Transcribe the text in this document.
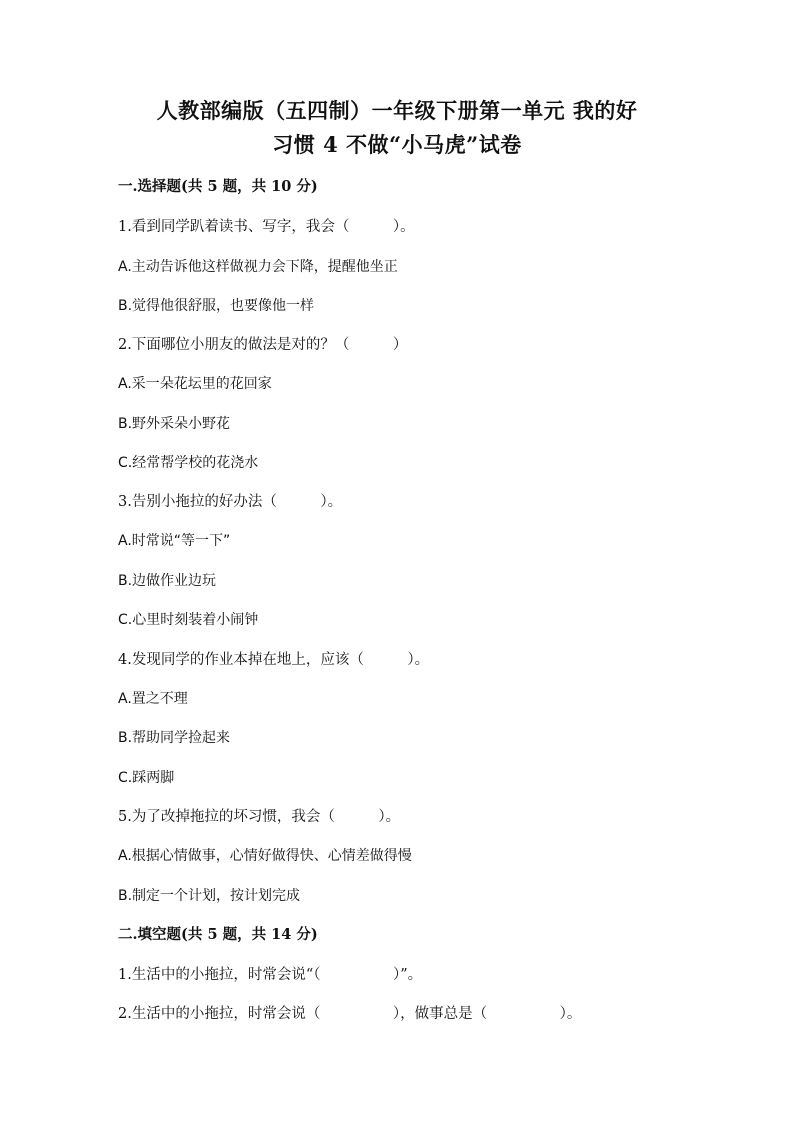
人教部编版（五四制）一年级下册第一单元 我的好
习惯 4 不做“小马虎”试卷
一.选择题(共 5 题，共 10 分)
1.看到同学趴着读书、写字，我会（　　　）。
A.主动告诉他这样做视力会下降，提醒他坐正
B.觉得他很舒服，也要像他一样
2.下面哪位小朋友的做法是对的？（　　　）
A.采一朵花坛里的花回家
B.野外采朵小野花
C.经常帮学校的花浇水
3.告别小拖拉的好办法（　　　）。
A.时常说“等一下”
B.边做作业边玩
C.心里时刻装着小闹钟
4.发现同学的作业本掉在地上，应该（　　　）。
A.置之不理
B.帮助同学捡起来
C.踩两脚
5.为了改掉拖拉的坏习惯，我会（　　　）。
A.根据心情做事，心情好做得快、心情差做得慢
B.制定一个计划，按计划完成
二.填空题(共 5 题，共 14 分)
1.生活中的小拖拉，时常会说“（　　　　　）”。
2.生活中的小拖拉，时常会说（　　　　　），做事总是（　　　　　）。
